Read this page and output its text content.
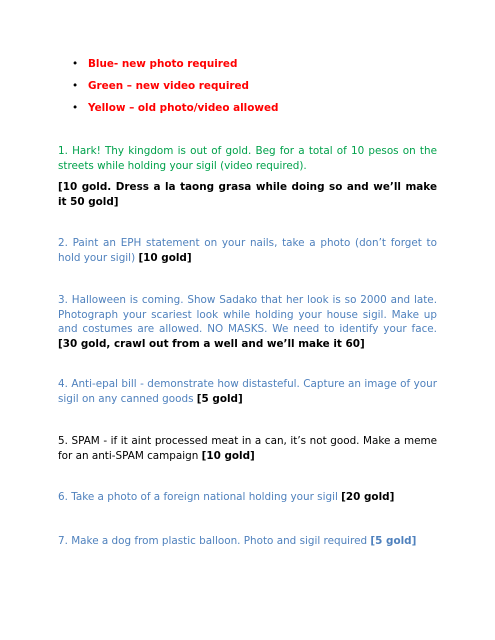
• Blue- new photo required
• Green – new video required
• Yellow – old photo/video allowed

1. Hark! Thy kingdom is out of gold. Beg for a total of 10 pesos on the streets while holding your sigil (video required).

[10 gold. Dress a la taong grasa while doing so and we’ll make it 50 gold]

2. Paint an EPH statement on your nails, take a photo (don’t forget to hold your sigil) [10 gold]

3. Halloween is coming. Show Sadako that her look is so 2000 and late. Photograph your scariest look while holding your house sigil. Make up and costumes are allowed. NO MASKS. We need to identify your face. [30 gold, crawl out from a well and we’ll make it 60]

4. Anti-epal bill - demonstrate how distasteful. Capture an image of your sigil on any canned goods [5 gold]

5. SPAM - if it aint processed meat in a can, it’s not good. Make a meme for an anti-SPAM campaign [10 gold]

6. Take a photo of a foreign national holding your sigil [20 gold]

7. Make a dog from plastic balloon. Photo and sigil required [5 gold]
